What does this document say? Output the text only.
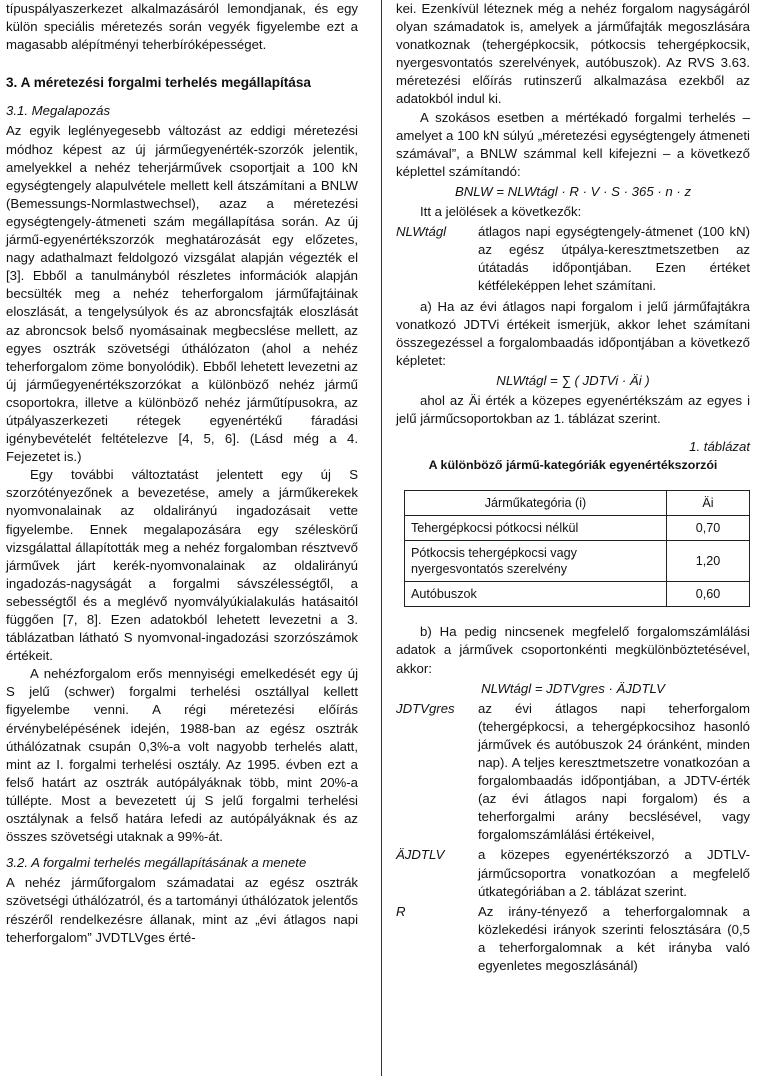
típuspályaszerkezet alkalmazásáról lemondjanak, és egy külön speciális méretezés során vegyék figyelembe ezt a magasabb alépítményi teherbíróképességet.

3. A méretezési forgalmi terhelés megállapítása
3.1. Megalapozás

Az egyik leglényegesebb változást az eddigi méretezési módhoz képest az új járműegyenérték-szorzók jelentik, amelyekkel a nehéz teherjárművek csoportjait a 100 kN egységtengely alapulvétele mellett kell átszámítani a BNLW (Bemessungs-Normlastwechsel), azaz a méretezési egységtengely-átmeneti szám megállapítása során. Az új jármű-egyenértékszorzók meghatározását egy előzetes, nagy adathalmazt feldolgozó vizsgálat alapján végezték el [3]. Ebből a tanulmányból részletes információk alapján becsülték meg a nehéz teherforgalom járműfajtáinak eloszlását, a tengelysúlyok és az abroncsfajták eloszlását az abroncsok belső nyomásainak megbecslése mellett, az egyes osztrák szövetségi úthálózaton (ahol a nehéz teherforgalom zöme bonyolódik). Ebből lehetett levezetni az új járműegyenértékszorzókat a különböző nehéz jármű csoportokra, illetve a különböző nehéz járműtípusokra, az útpályaszerkezeti rétegek egyenértékű fáradási igénybevételét feltételezve [4, 5, 6]. (Lásd még a 4. Fejezetet is.)

Egy további változtatást jelentett egy új S szorzótényezőnek a bevezetése, amely a járműkerekek nyomvonalainak az oldalirányú ingadozásait vette figyelembe. Ennek megalapozására egy széleskörű vizsgálattal állapították meg a nehéz forgalomban résztvevő járművek járt kerék-nyomvonalainak az oldalirányú ingadozás-nagyságát a forgalmi sávszélességtől, a sebességtől és a meglévő nyomvályúkialakulás hatásaitól függően [7, 8]. Ezen adatokból lehetett levezetni a 3. táblázatban látható S nyomvonal-ingadozási szorzószámok értékeit.

A nehézforgalom erős mennyiségi emelkedését egy új S jelű (schwer) forgalmi terhelési osztállyal kellett figyelembe venni. A régi méretezési előírás érvénybelépésének idején, 1988-ban az egész osztrák úthálózatnak csupán 0,3%-a volt nagyobb terhelés alatt, mint az I. forgalmi terhelési osztály. Az 1995. évben ezt a felső határt az osztrák autópályáknak több, mint 20%-a túllépte. Most a bevezetett új S jelű forgalmi terhelési osztálynak a felső határa lefedi az autópályáknak és az összes szövetségi utaknak a 99%-át.

3.2. A forgalmi terhelés megállapításának a menete

A nehéz járműforgalom számadatai az egész osztrák szövetségi úthálózatról, és a tartományi úthálózatok jelentős részéről rendelkezésre állanak, mint az „évi átlagos napi teherforgalom” JVDTLVges érté-

kei. Ezenkívül léteznek még a nehéz forgalom nagyságáról olyan számadatok is, amelyek a járműfajták megoszlására vonatkoznak (tehergépkocsik, pótkocsis tehergépkocsik, nyergesvontatós szerelvények, autóbuszok). Az RVS 3.63. méretezési előírás rutinszerű alkalmazása ezekből az adatokból indul ki.

A szokásos esetben a mértékadó forgalmi terhelés – amelyet a 100 kN súlyú „méretezési egységtengely átmeneti számával”, a BNLW számmal kell kifejezni – a következő képlettel számítandó:

BNLW = NLWtágl · R · V · S · 365 · n · z

Itt a jelölések a következők:

NLWtágl	átlagos napi egységtengely-átmenet (100 kN) az egész útpálya-keresztmetszetben az útátadás időpontjában. Ezen értéket kétféleképpen lehet számítani.

a) Ha az évi átlagos napi forgalom i jelű járműfajtákra vonatkozó JDTVi értékeit ismerjük, akkor lehet számítani összegezéssel a forgalombaadás időpontjában a következő képletet:

NLWtágl = ∑ ( JDTVi · Äi )

ahol az Äi érték a közepes egyenértékszám az egyes i jelű járműcsoportokban az 1. táblázat szerint.

1. táblázat
A különböző jármű-kategóriák egyenértékszorzói
Járműkategória (i)	Äi
Tehergépkocsi pótkocsi nélkül	0,70
Pótkocsis tehergépkocsi vagy nyergesvontatós szerelvény	1,20
Autóbuszok	0,60

b) Ha pedig nincsenek megfelelő forgalomszámlálási adatok a járművek csoportonkénti megkülönböztetésével, akkor:

NLWtágl = JDTVgres · ÄJDTLV
JDTVgres	az évi átlagos napi teherforgalom (tehergépkocsi, a tehergépkocsihoz hasonló járművek és autóbuszok 24 óránként, minden nap). A teljes keresztmetszetre vonatkozóan a forgalombaadás időpontjában, a JDTV-érték (az évi átlagos napi forgalom) és a teherforgalmi arány becslésével, vagy forgalomszámlálási értékeivel,
ÄJDTLV	a közepes egyenértékszorzó a JDTLV-járműcsoportra vonatkozóan a megfelelő útkategóriában a 2. táblázat szerint.
R	Az irány-tényező a teherforgalomnak a közlekedési irányok szerinti felosztására (0,5 a teherforgalomnak a két irányba való egyenletes megoszlásánál)
